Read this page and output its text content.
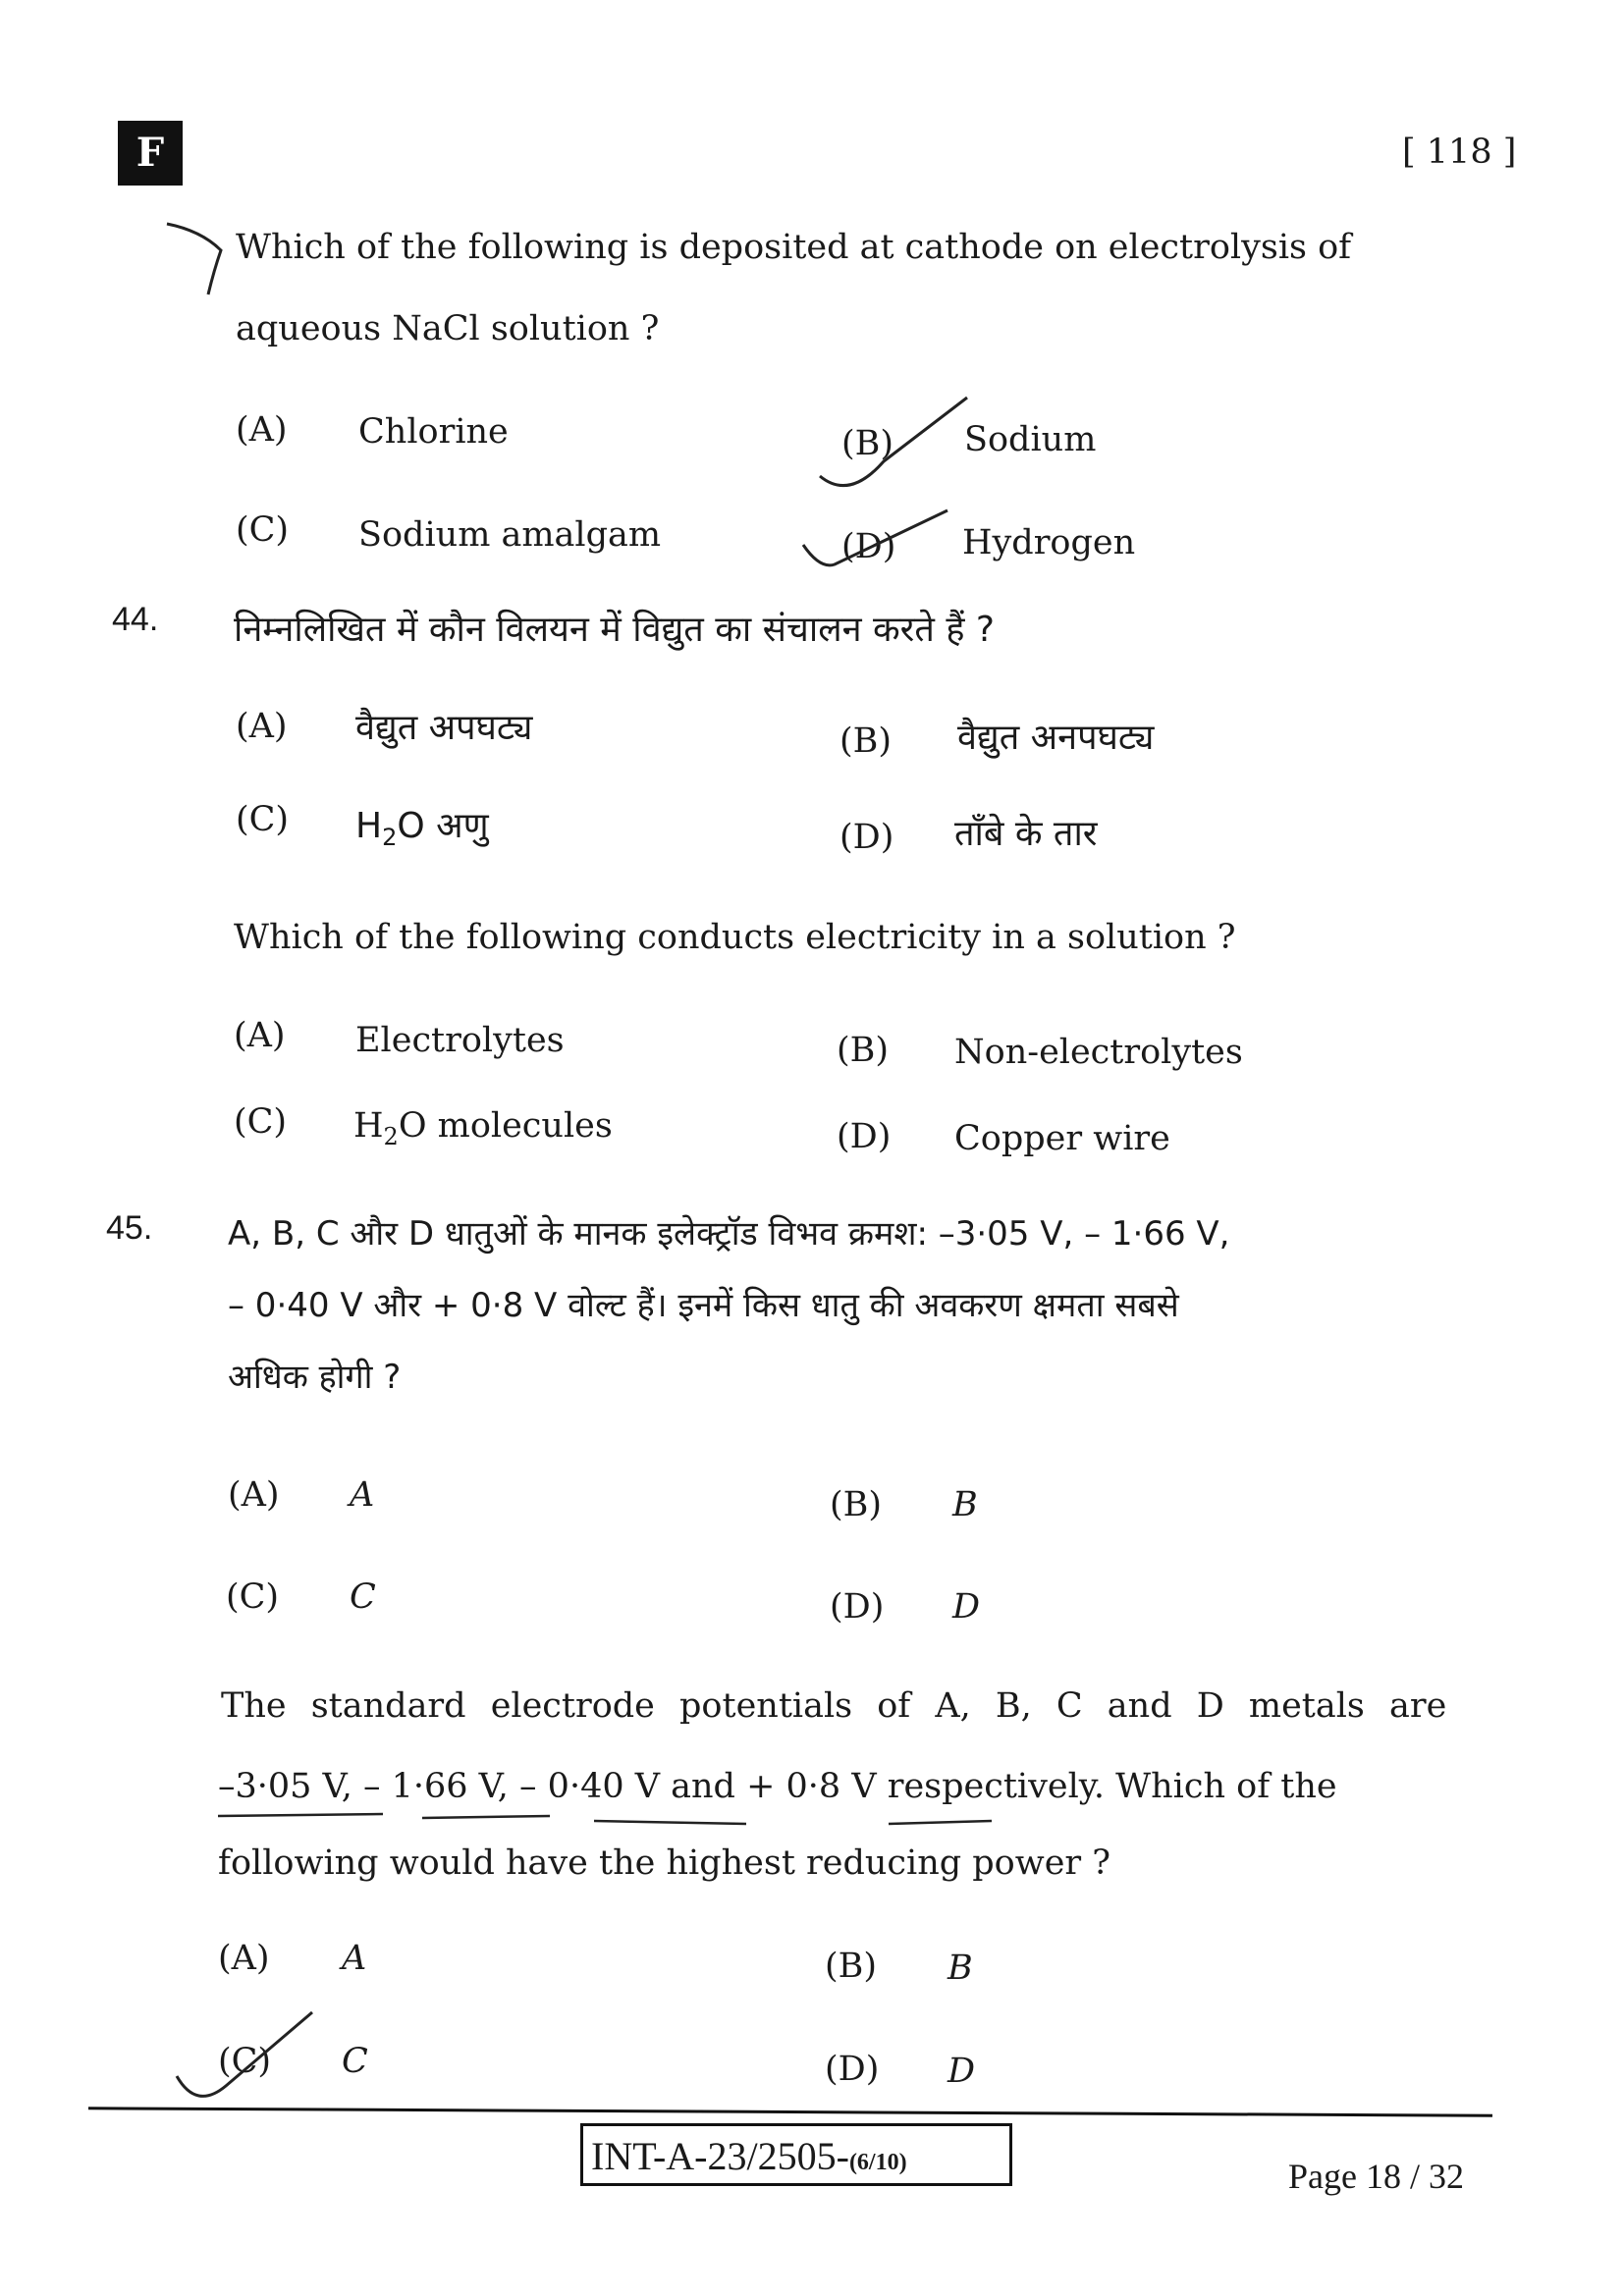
F	[ 118 ]
Which of the following is deposited at cathode on electrolysis of
aqueous NaCl solution ?
(A) Chlorine	(B) Sodium
(C) Sodium amalgam	(D) Hydrogen
44. निम्नलिखित में कौन विलयन में विद्युत का संचालन करते हैं ?
(A) वैद्युत अपघट्य	(B) वैद्युत अनपघट्य
(C) $H_2O$ अणु	(D) ताँबे के तार
Which of the following conducts electricity in a solution ?
(A) Electrolytes	(B) Non-electrolytes
(C) $H_2O$ molecules	(D) Copper wire
45. A, B, C और D धातुओं के मानक इलेक्ट्रॉड विभव क्रमश: –3·05 V, – 1·66 V,
– 0·40 V और + 0·8 V वोल्ट हैं। इनमें किस धातु की अवकरण क्षमता सबसे
अधिक होगी ?
(A) A	(B) B
(C) C	(D) D
The standard electrode potentials of A, B, C and D metals are
–3·05 V, – 1·66 V, – 0·40 V and + 0·8 V respectively. Which of the
following would have the highest reducing power ?
(A) A	(B) B
(C) C	(D) D
INT-A-23/2505-(6/10)	Page 18 / 32
